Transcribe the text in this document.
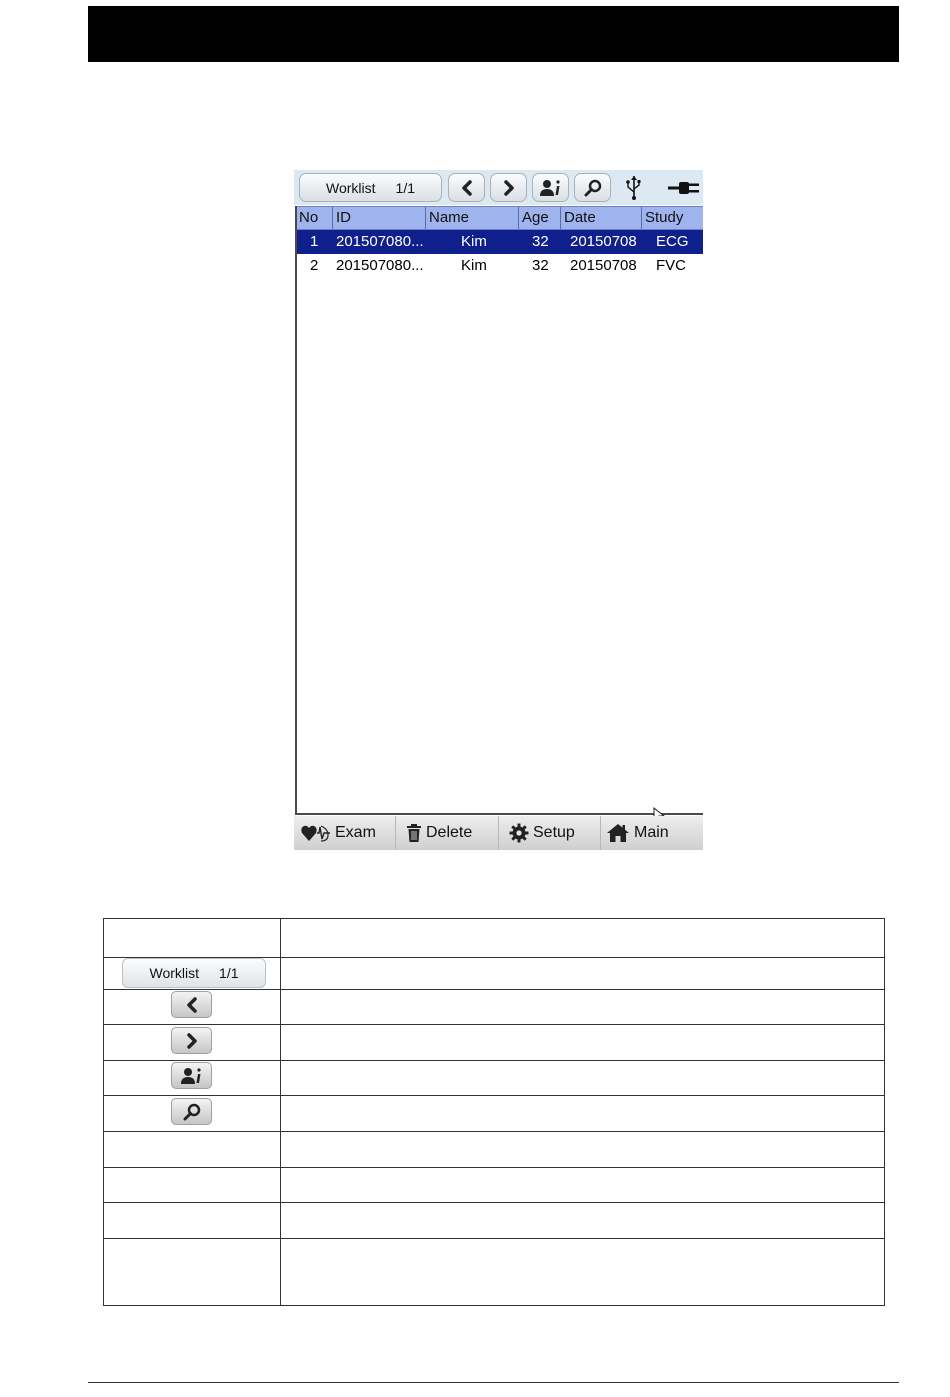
Worklist 1/1
No	ID	Name	Age	Date	Study
1 201507080... Kim	32 20150708 ECG
2 201507080... Kim	32 20150708 FVC
Exam	Delete	Setup	Main
Worklist 1/1
